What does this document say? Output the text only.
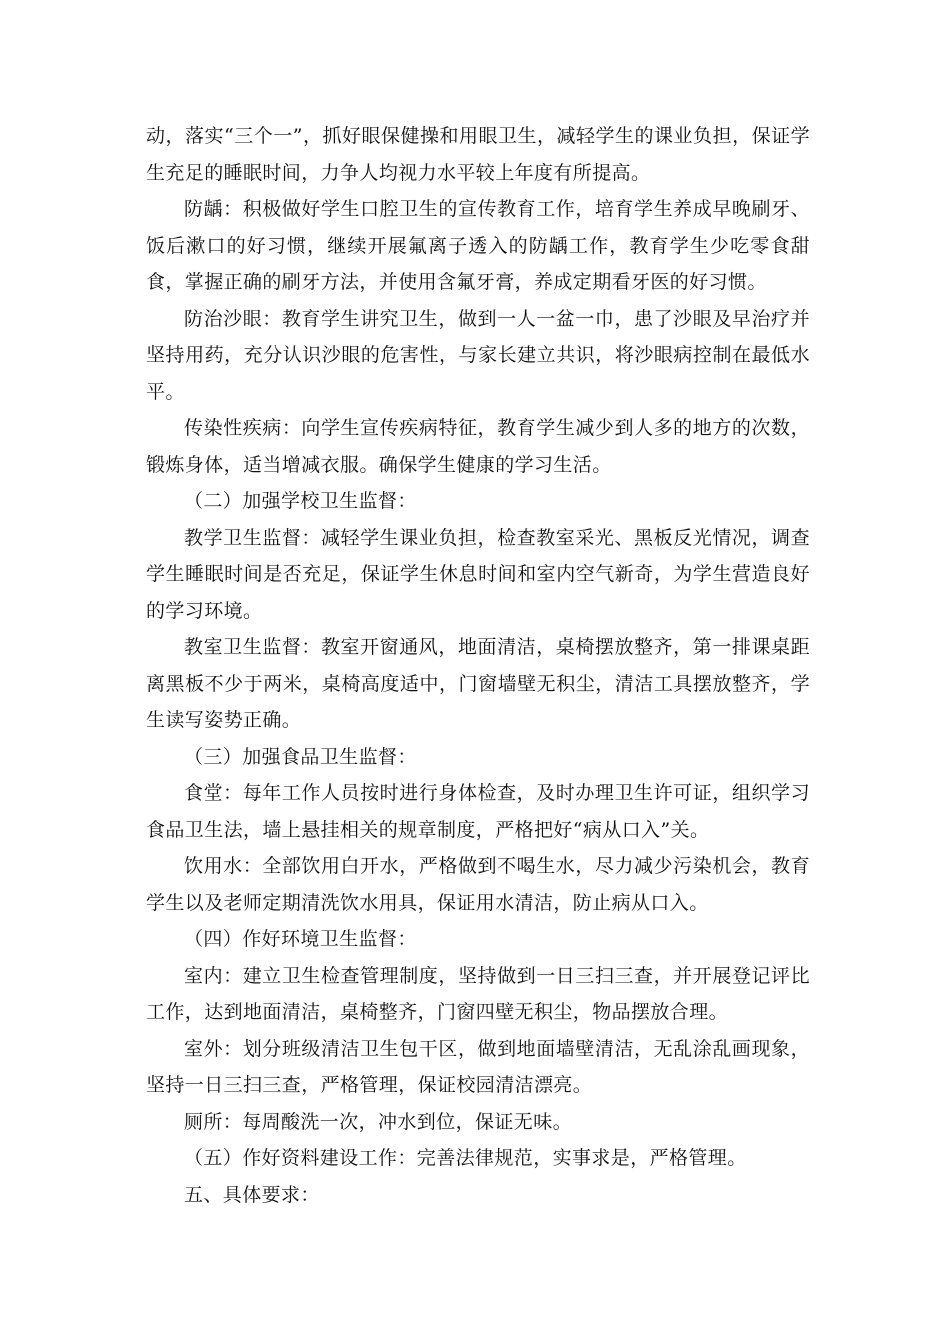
动，落实“三个一”，抓好眼保健操和用眼卫生，减轻学生的课业负担，保证学生充足的睡眠时间，力争人均视力水平较上年度有所提高。

防龋：积极做好学生口腔卫生的宣传教育工作，培育学生养成早晚刷牙、饭后漱口的好习惯，继续开展氟离子透入的防龋工作，教育学生少吃零食甜食，掌握正确的刷牙方法，并使用含氟牙膏，养成定期看牙医的好习惯。

防治沙眼：教育学生讲究卫生，做到一人一盆一巾，患了沙眼及早治疗并坚持用药，充分认识沙眼的危害性，与家长建立共识，将沙眼病控制在最低水平。

传染性疾病：向学生宣传疾病特征，教育学生减少到人多的地方的次数，锻炼身体，适当增减衣服。确保学生健康的学习生活。

（二）加强学校卫生监督：

教学卫生监督：减轻学生课业负担，检查教室采光、黑板反光情况，调查学生睡眠时间是否充足，保证学生休息时间和室内空气新奇，为学生营造良好的学习环境。

教室卫生监督：教室开窗通风，地面清洁，桌椅摆放整齐，第一排课桌距离黑板不少于两米，桌椅高度适中，门窗墙壁无积尘，清洁工具摆放整齐，学生读写姿势正确。

（三）加强食品卫生监督：

食堂：每年工作人员按时进行身体检查，及时办理卫生许可证，组织学习食品卫生法，墙上悬挂相关的规章制度，严格把好“病从口入”关。

饮用水：全部饮用白开水，严格做到不喝生水，尽力减少污染机会，教育学生以及老师定期清洗饮水用具，保证用水清洁，防止病从口入。

（四）作好环境卫生监督：

室内：建立卫生检查管理制度，坚持做到一日三扫三查，并开展登记评比工作，达到地面清洁，桌椅整齐，门窗四壁无积尘，物品摆放合理。

室外：划分班级清洁卫生包干区，做到地面墙壁清洁，无乱涂乱画现象，坚持一日三扫三查，严格管理，保证校园清洁漂亮。

厕所：每周酸洗一次，冲水到位，保证无味。

（五）作好资料建设工作：完善法律规范，实事求是，严格管理。

五、具体要求：
